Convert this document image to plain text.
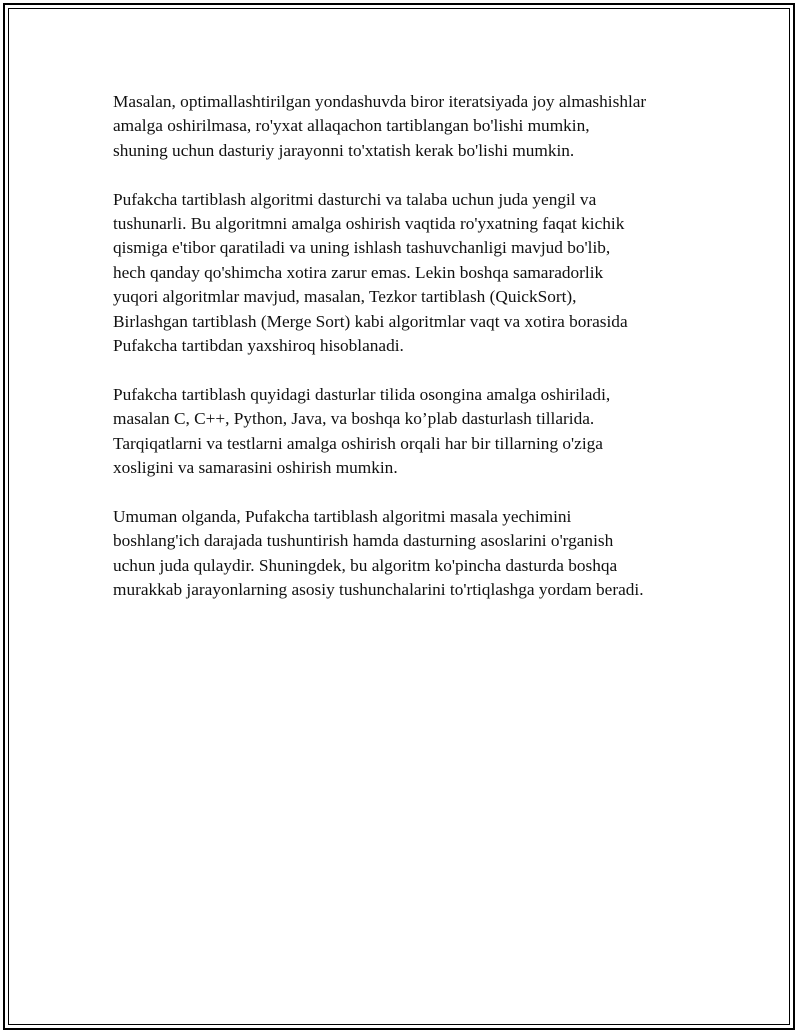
Masalan, optimallashtirilgan yondashuvda biror iteratsiyada joy almashishlar
amalga oshirilmasa, ro'yxat allaqachon tartiblangan bo'lishi mumkin,
shuning uchun dasturiy jarayonni to'xtatish kerak bo'lishi mumkin.

Pufakcha tartiblash algoritmi dasturchi va talaba uchun juda yengil va
tushunarli. Bu algoritmni amalga oshirish vaqtida ro'yxatning faqat kichik
qismiga e'tibor qaratiladi va uning ishlash tashuvchanligi mavjud bo'lib,
hech qanday qo'shimcha xotira zarur emas. Lekin boshqa samaradorlik
yuqori algoritmlar mavjud, masalan, Tezkor tartiblash (QuickSort),
Birlashgan tartiblash (Merge Sort) kabi algoritmlar vaqt va xotira borasida
Pufakcha tartibdan yaxshiroq hisoblanadi.

Pufakcha tartiblash quyidagi dasturlar tilida osongina amalga oshiriladi,
masalan C, C++, Python, Java, va boshqa ko’plab dasturlash tillarida.
Tarqiqatlarni va testlarni amalga oshirish orqali har bir tillarning o'ziga
xosligini va samarasini oshirish mumkin.

Umuman olganda, Pufakcha tartiblash algoritmi masala yechimini
boshlang'ich darajada tushuntirish hamda dasturning asoslarini o'rganish
uchun juda qulaydir. Shuningdek, bu algoritm ko'pincha dasturda boshqa
murakkab jarayonlarning asosiy tushunchalarini to'rtiqlashga yordam beradi.
